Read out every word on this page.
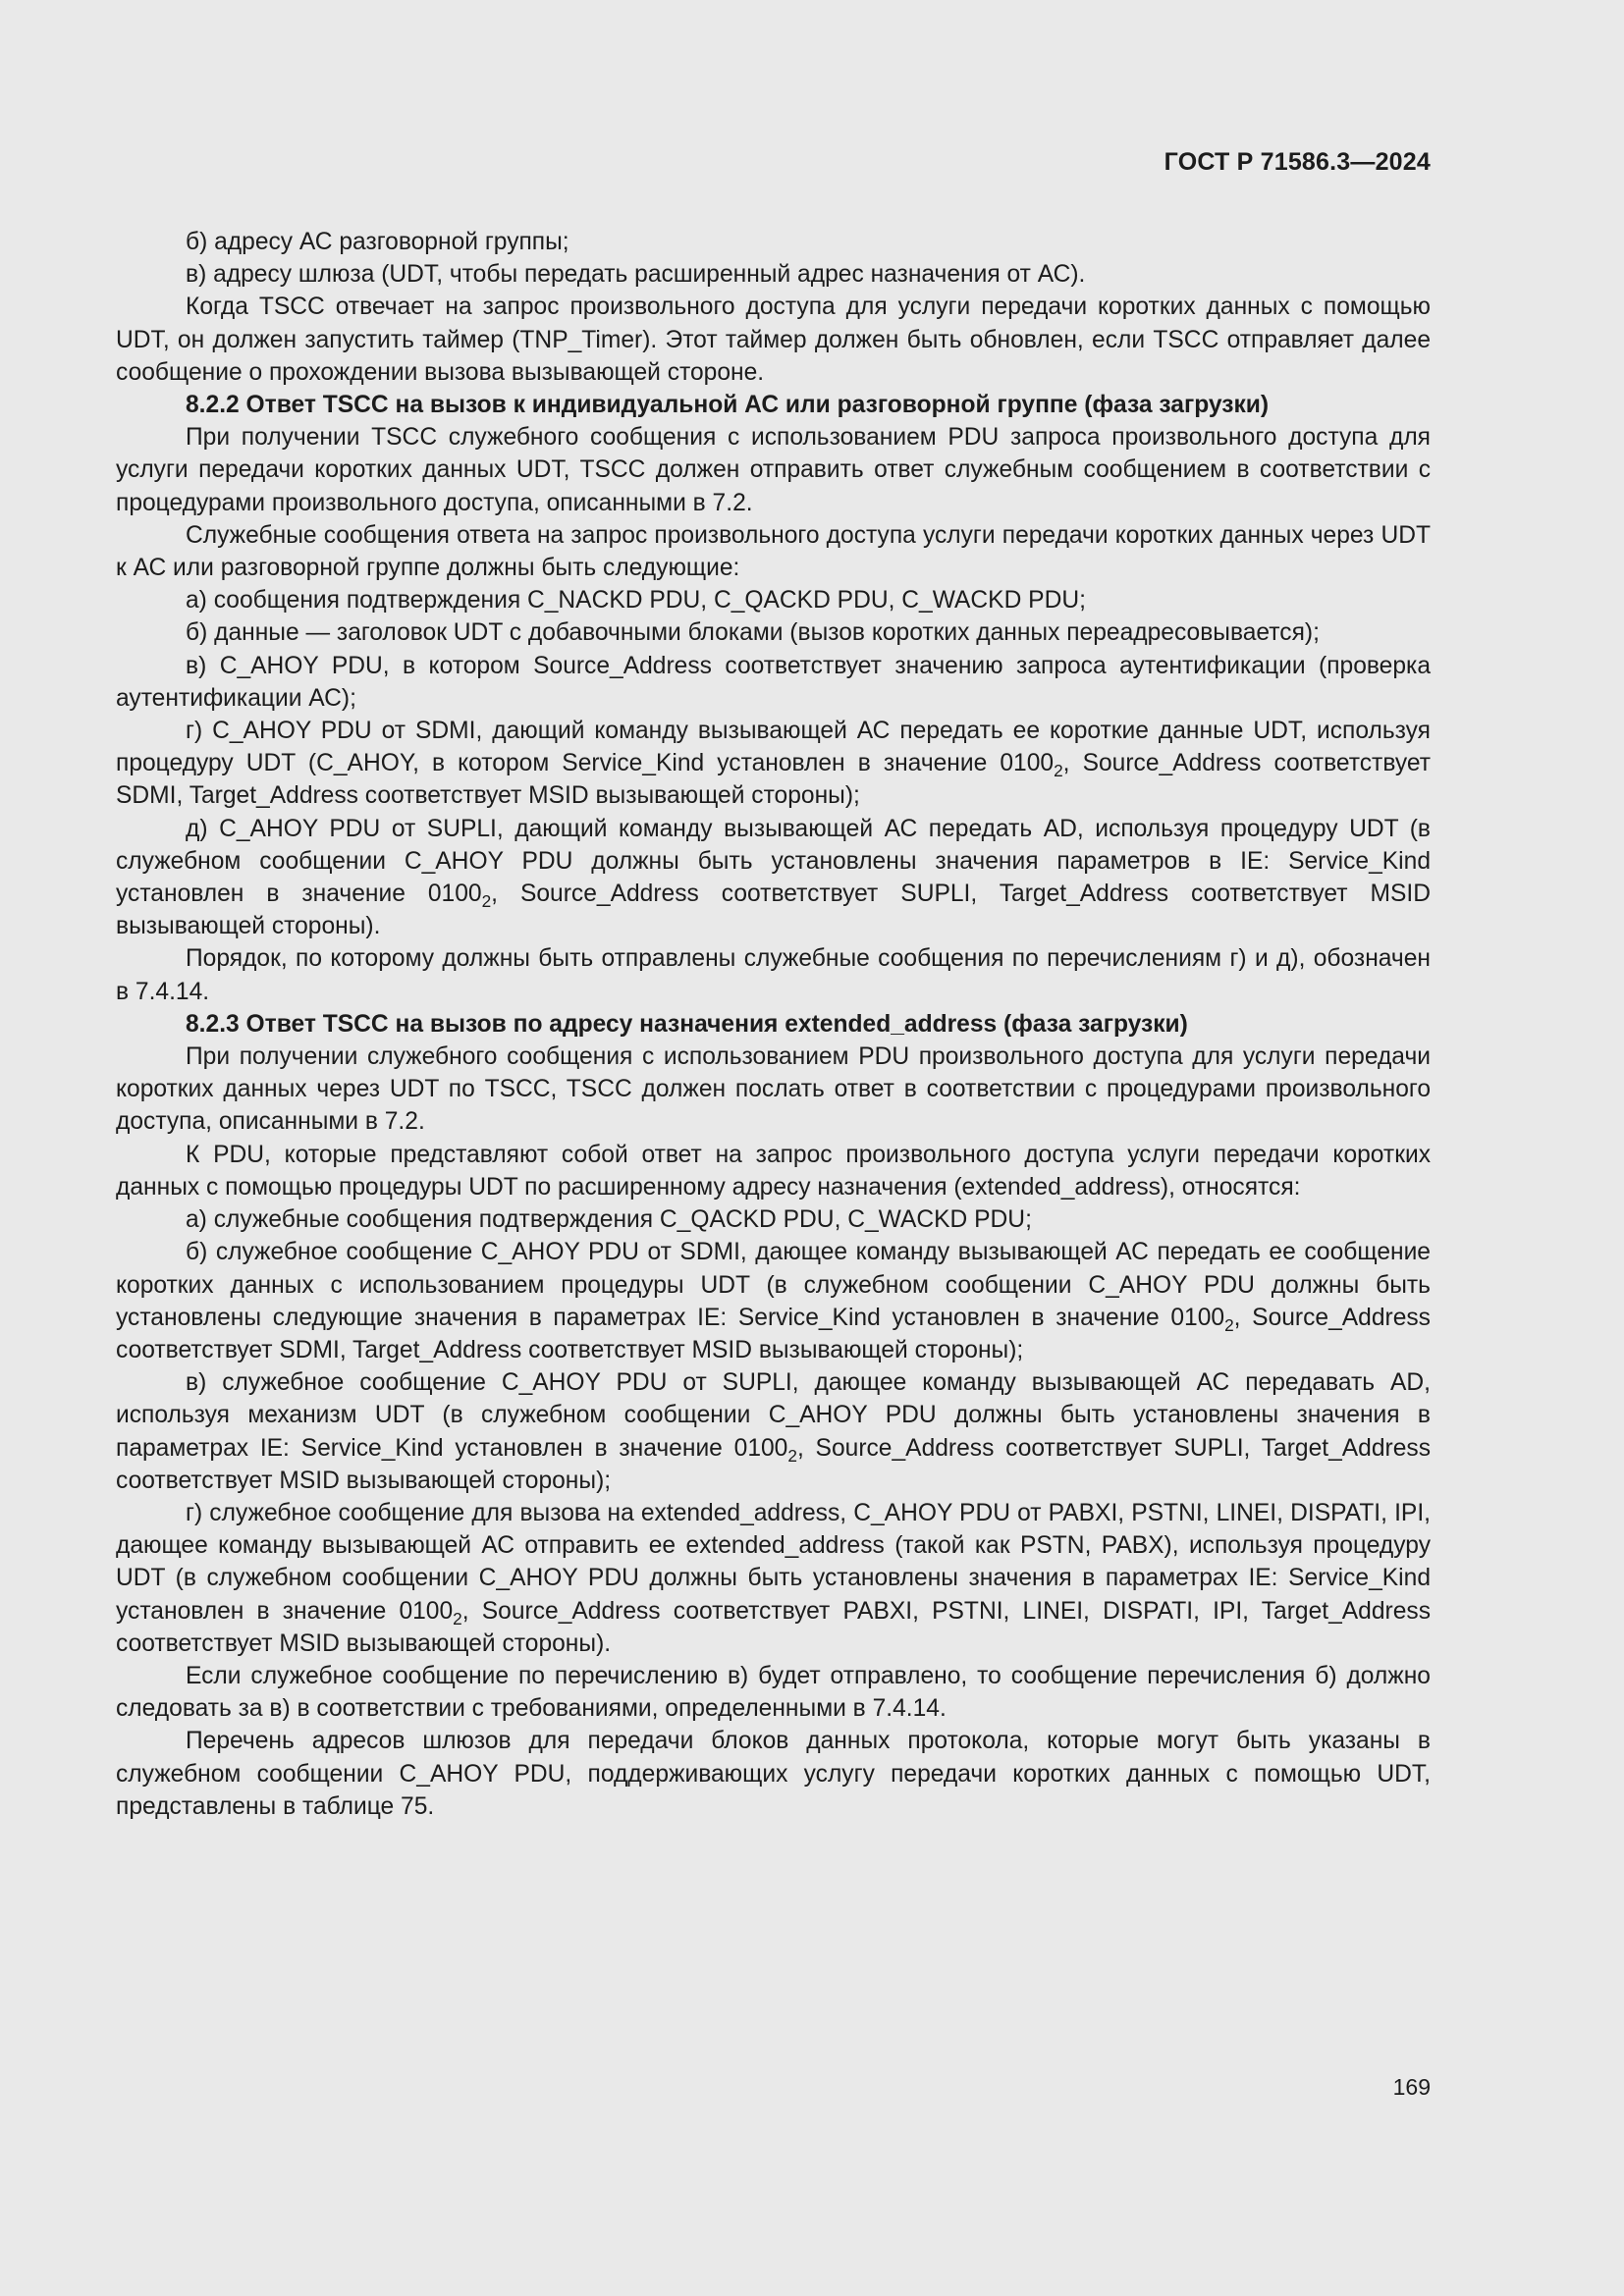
ГОСТ Р 71586.3—2024

б) адресу АС разговорной группы;

в) адресу шлюза (UDT, чтобы передать расширенный адрес назначения от АС).

Когда TSCC отвечает на запрос произвольного доступа для услуги передачи коротких данных с помощью UDT, он должен запустить таймер (TNP_Timer). Этот таймер должен быть обновлен, если TSCC отправляет далее сообщение о прохождении вызова вызывающей стороне.

8.2.2 Ответ TSCC на вызов к индивидуальной АС или разговорной группе (фаза загрузки)

При получении TSCC служебного сообщения с использованием PDU запроса произвольного доступа для услуги передачи коротких данных UDT, TSCC должен отправить ответ служебным сообщением в соответствии с процедурами произвольного доступа, описанными в 7.2.

Служебные сообщения ответа на запрос произвольного доступа услуги передачи коротких данных через UDT к АС или разговорной группе должны быть следующие:

а) сообщения подтверждения C_NACKD PDU, C_QACKD PDU, C_WACKD PDU;

б) данные — заголовок UDT с добавочными блоками (вызов коротких данных переадресовывается);

в) C_AHOY PDU, в котором Source_Address соответствует значению запроса аутентификации (проверка аутентификации АС);

г) C_AHOY PDU от SDMI, дающий команду вызывающей АС передать ее короткие данные UDT, используя процедуру UDT (C_AHOY, в котором Service_Kind установлен в значение $0100_2$, Source_Address соответствует SDMI, Target_Address соответствует MSID вызывающей стороны);

д) C_AHOY PDU от SUPLI, дающий команду вызывающей АС передать AD, используя процедуру UDT (в служебном сообщении C_AHOY PDU должны быть установлены значения параметров в IE: Service_Kind установлен в значение $0100_2$, Source_Address соответствует SUPLI, Target_Address соответствует MSID вызывающей стороны).

Порядок, по которому должны быть отправлены служебные сообщения по перечислениям г) и д), обозначен в 7.4.14.

8.2.3 Ответ TSCC на вызов по адресу назначения extended_address (фаза загрузки)

При получении служебного сообщения с использованием PDU произвольного доступа для услуги передачи коротких данных через UDT по TSCC, TSCC должен послать ответ в соответствии с процедурами произвольного доступа, описанными в 7.2.

К PDU, которые представляют собой ответ на запрос произвольного доступа услуги передачи коротких данных с помощью процедуры UDT по расширенному адресу назначения (extended_address), относятся:

а) служебные сообщения подтверждения C_QACKD PDU, C_WACKD PDU;

б) служебное сообщение C_AHOY PDU от SDMI, дающее команду вызывающей АС передать ее сообщение коротких данных с использованием процедуры UDT (в служебном сообщении C_AHOY PDU должны быть установлены следующие значения в параметрах IE: Service_Kind установлен в значение $0100_2$, Source_Address соответствует SDMI, Target_Address соответствует MSID вызывающей стороны);

в) служебное сообщение C_AHOY PDU от SUPLI, дающее команду вызывающей АС передавать AD, используя механизм UDT (в служебном сообщении C_AHOY PDU должны быть установлены значения в параметрах IE: Service_Kind установлен в значение $0100_2$, Source_Address соответствует SUPLI, Target_Address соответствует MSID вызывающей стороны);

г) служебное сообщение для вызова на extended_address, C_AHOY PDU от PABXI, PSTNI, LINEI, DISPATI, IPI, дающее команду вызывающей АС отправить ее extended_address (такой как PSTN, PABX), используя процедуру UDT (в служебном сообщении C_AHOY PDU должны быть установлены значения в параметрах IE: Service_Kind установлен в значение $0100_2$, Source_Address соответствует PABXI, PSTNI, LINEI, DISPATI, IPI, Target_Address соответствует MSID вызывающей стороны).

Если служебное сообщение по перечислению в) будет отправлено, то сообщение перечисления б) должно следовать за в) в соответствии с требованиями, определенными в 7.4.14.

Перечень адресов шлюзов для передачи блоков данных протокола, которые могут быть указаны в служебном сообщении C_AHOY PDU, поддерживающих услугу передачи коротких данных с помощью UDT, представлены в таблице 75.

169
